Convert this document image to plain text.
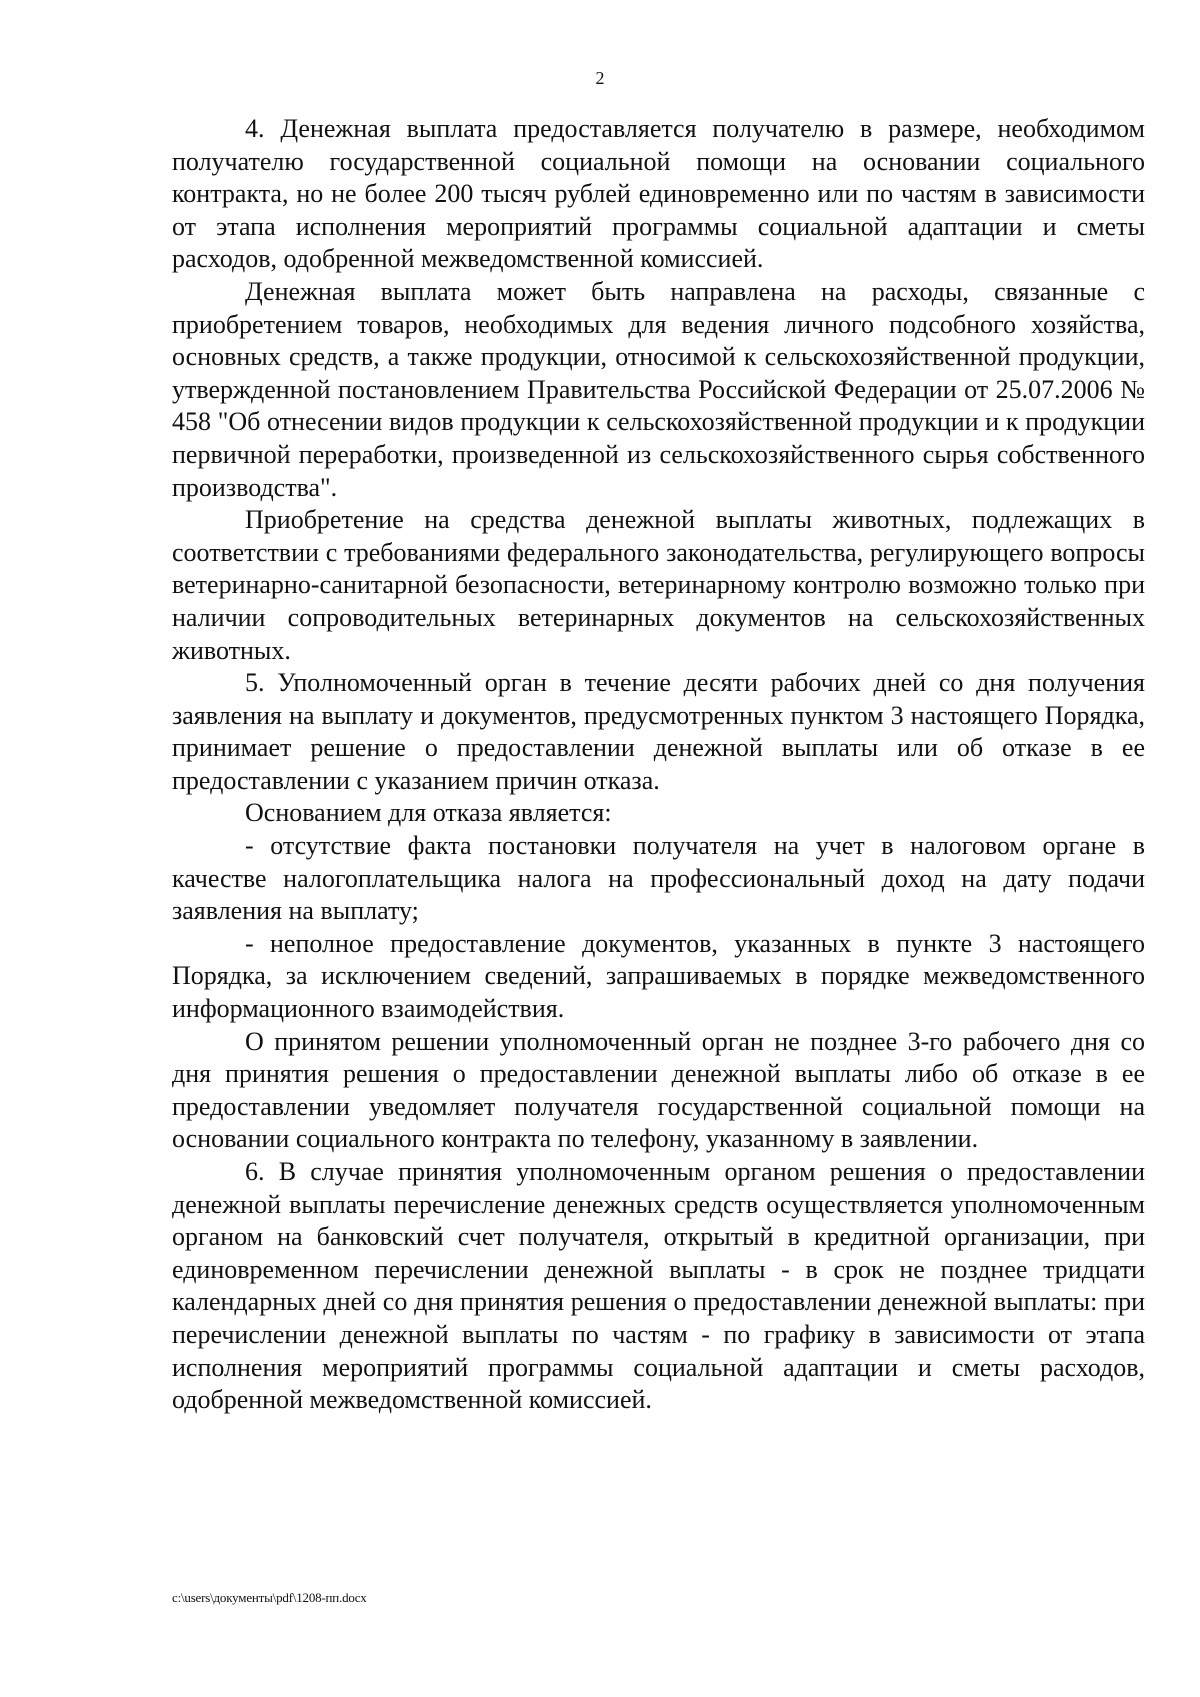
2

4. Денежная выплата предоставляется получателю в размере, необходимом получателю государственной социальной помощи на основании социального контракта, но не более 200 тысяч рублей единовременно или по частям в зависимости от этапа исполнения мероприятий программы социальной адаптации и сметы расходов, одобренной межведомственной комиссией.

Денежная выплата может быть направлена на расходы, связанные с приобретением товаров, необходимых для ведения личного подсобного хозяйства, основных средств, а также продукции, относимой к сельскохозяйственной продукции, утвержденной постановлением Правительства Российской Федерации от 25.07.2006 № 458 "Об отнесении видов продукции к сельскохозяйственной продукции и к продукции первичной переработки, произведенной из сельскохозяйственного сырья собственного производства".

Приобретение на средства денежной выплаты животных, подлежащих в соответствии с требованиями федерального законодательства, регулирующего вопросы ветеринарно-санитарной безопасности, ветеринарному контролю возможно только при наличии сопроводительных ветеринарных документов на сельскохозяйственных животных.

5. Уполномоченный орган в течение десяти рабочих дней со дня получения заявления на выплату и документов, предусмотренных пунктом 3 настоящего Порядка, принимает решение о предоставлении денежной выплаты или об отказе в ее предоставлении с указанием причин отказа.

Основанием для отказа является:

- отсутствие факта постановки получателя на учет в налоговом органе в качестве налогоплательщика налога на профессиональный доход на дату подачи заявления на выплату;

- неполное предоставление документов, указанных в пункте 3 настоящего Порядка, за исключением сведений, запрашиваемых в порядке межведомственного информационного взаимодействия.

О принятом решении уполномоченный орган не позднее 3-го рабочего дня со дня принятия решения о предоставлении денежной выплаты либо об отказе в ее предоставлении уведомляет получателя государственной социальной помощи на основании социального контракта по телефону, указанному в заявлении.

6. В случае принятия уполномоченным органом решения о предоставлении денежной выплаты перечисление денежных средств осуществляется уполномоченным органом на банковский счет получателя, открытый в кредитной организации, при единовременном перечислении денежной выплаты - в срок не позднее тридцати календарных дней со дня принятия решения о предоставлении денежной выплаты: при перечислении денежной выплаты по частям - по графику в зависимости от этапа исполнения мероприятий программы социальной адаптации и сметы расходов, одобренной межведомственной комиссией.

c:\users\документы\pdf\1208-пп.docx
